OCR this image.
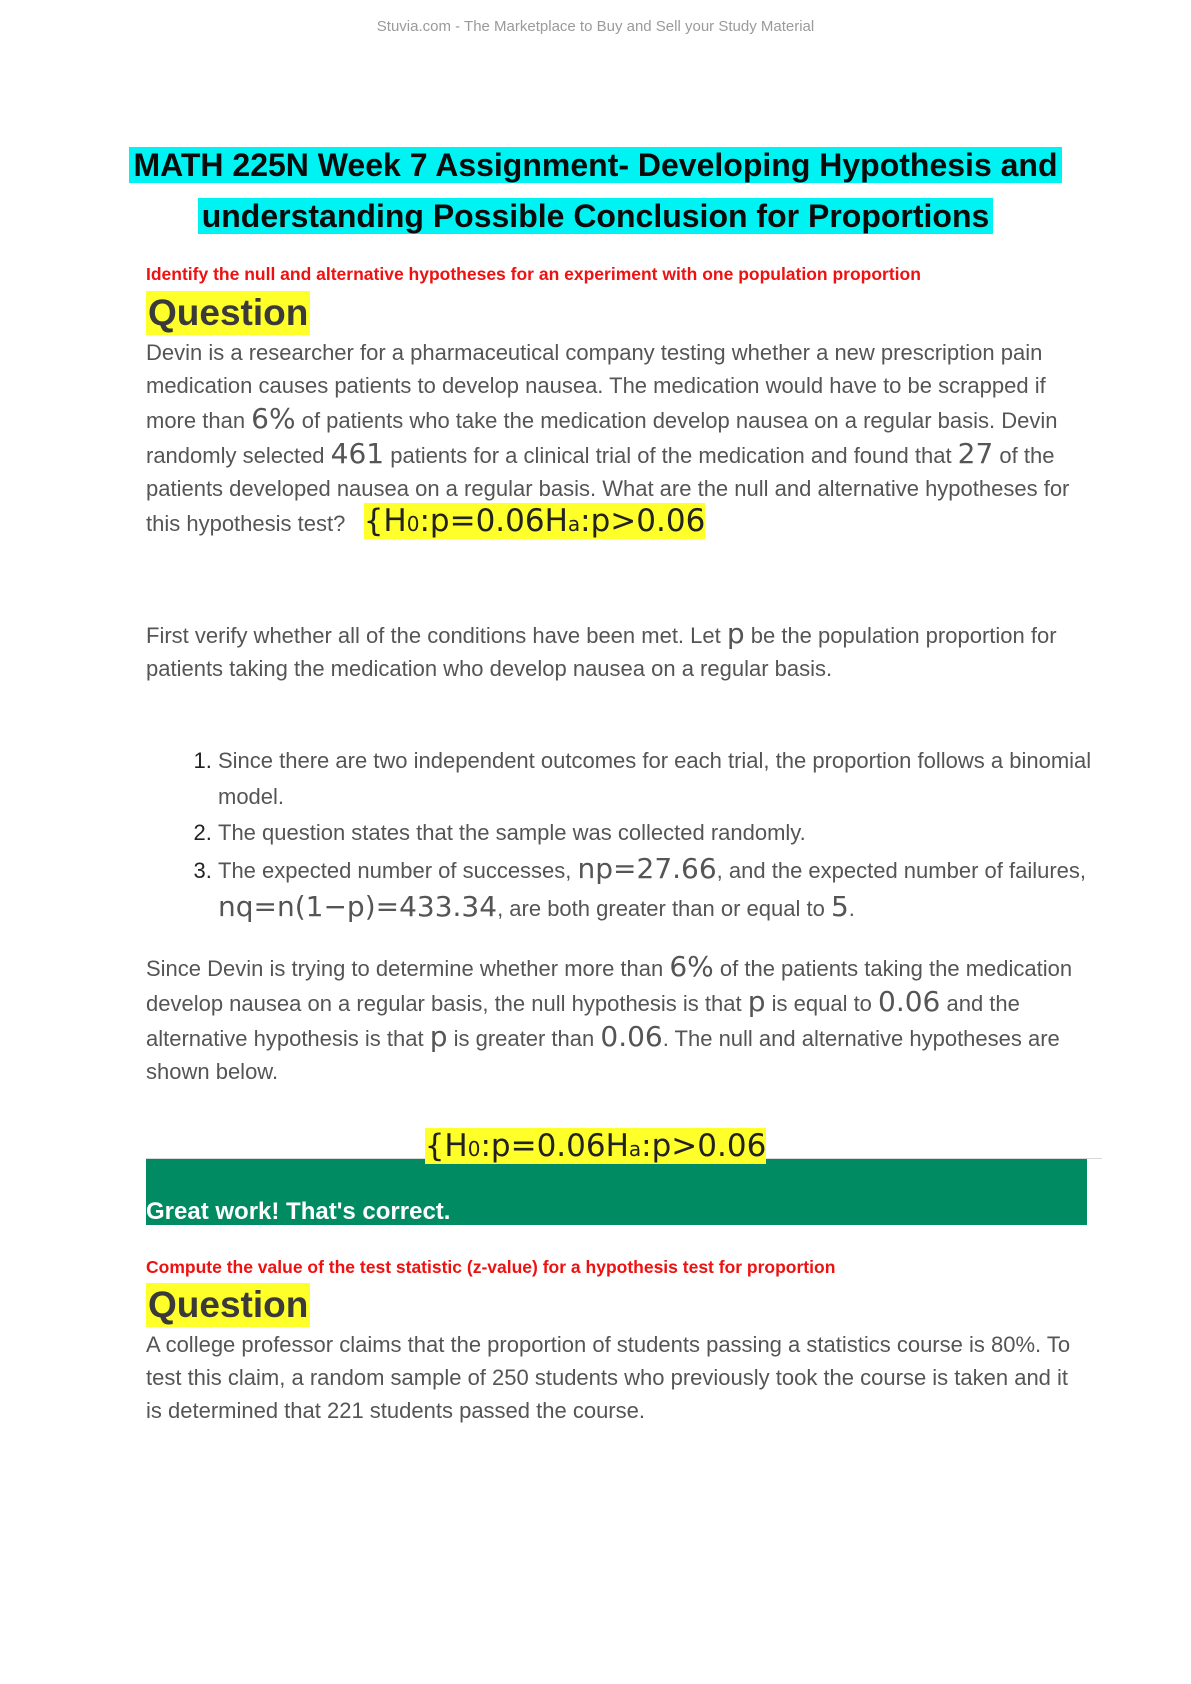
Stuvia.com - The Marketplace to Buy and Sell your Study Material
MATH 225N Week 7 Assignment- Developing Hypothesis and
understanding Possible Conclusion for Proportions
Identify the null and alternative hypotheses for an experiment with one population proportion
Question
Devin is a researcher for a pharmaceutical company testing whether a new prescription pain medication causes patients to develop nausea. The medication would have to be scrapped if more than 6% of patients who take the medication develop nausea on a regular basis. Devin randomly selected 461 patients for a clinical trial of the medication and found that 27 of the patients developed nausea on a regular basis. What are the null and alternative hypotheses for this hypothesis test? {H0:p=0.06Ha:p>0.06
First verify whether all of the conditions have been met. Let p be the population proportion for patients taking the medication who develop nausea on a regular basis.
1. Since there are two independent outcomes for each trial, the proportion follows a binomial model.
2. The question states that the sample was collected randomly.
3. The expected number of successes, np=27.66, and the expected number of failures, nq=n(1−p)=433.34, are both greater than or equal to 5.
Since Devin is trying to determine whether more than 6% of the patients taking the medication develop nausea on a regular basis, the null hypothesis is that p is equal to 0.06 and the alternative hypothesis is that p is greater than 0.06. The null and alternative hypotheses are shown below.
{H0:p=0.06Ha:p>0.06
Great work! That's correct.
Compute the value of the test statistic (z-value) for a hypothesis test for proportion
Question
A college professor claims that the proportion of students passing a statistics course is 80%. To test this claim, a random sample of 250 students who previously took the course is taken and it is determined that 221 students passed the course.
